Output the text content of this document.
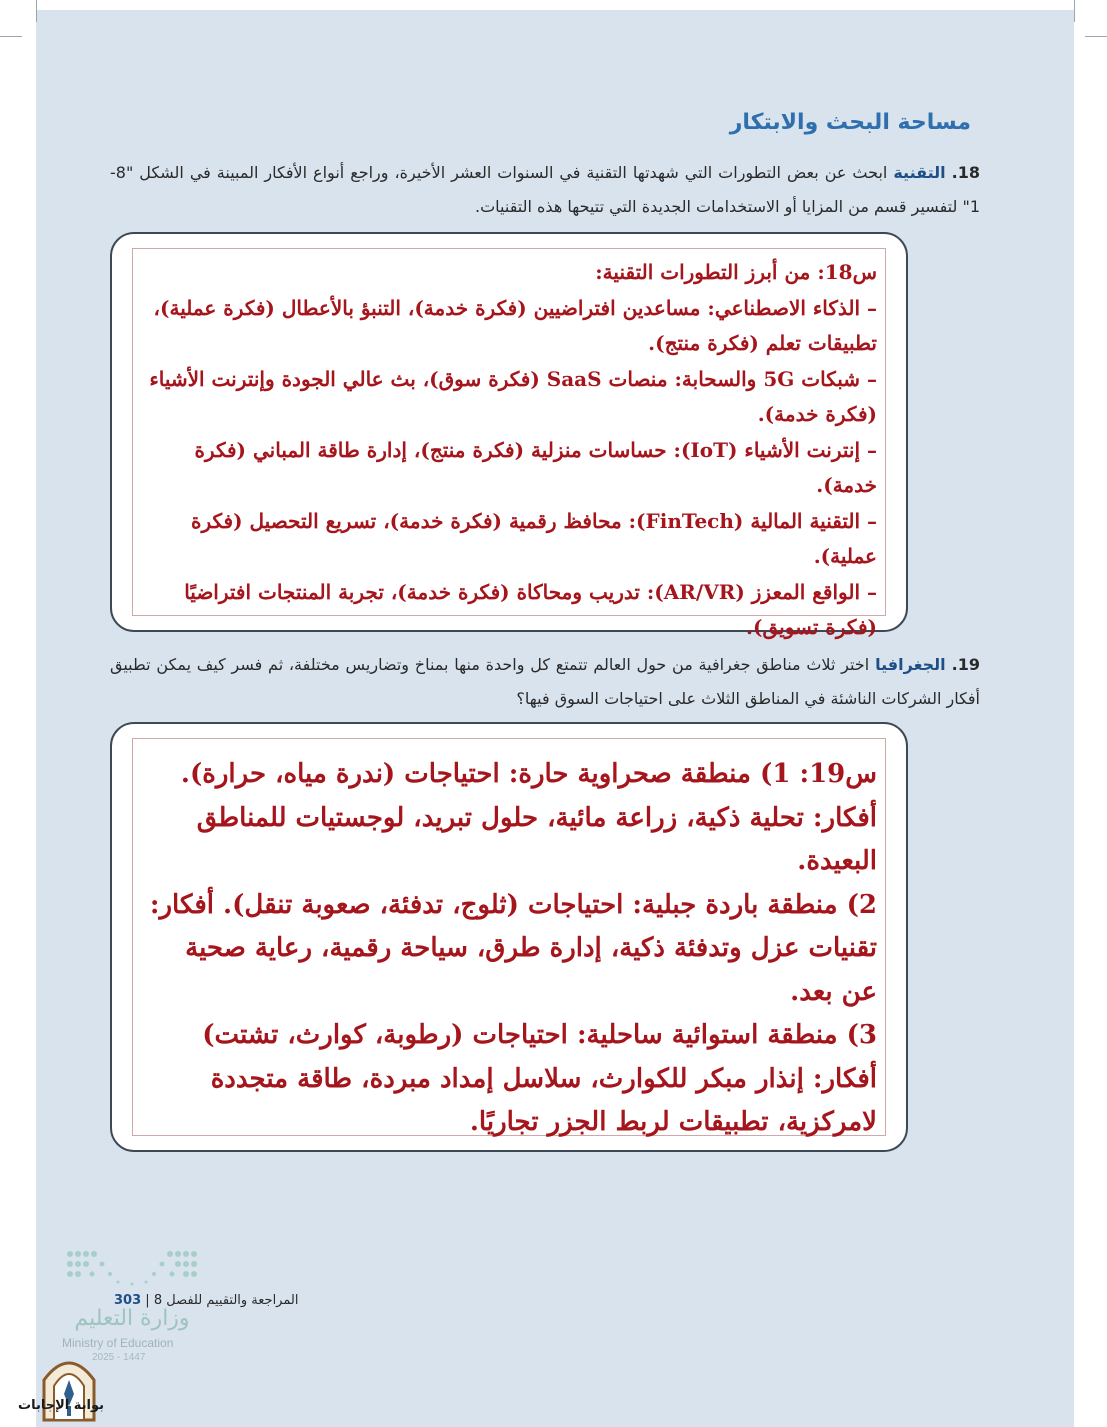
مساحة البحث والابتكار
18.التقنيةابحث عن بعض التطورات التي شهدتها التقنية في السنوات العشر الأخيرة، وراجع أنواع الأفكار المبينة في الشكل "8-1" لتفسير قسم من المزايا أو الاستخدامات الجديدة التي تتيحها هذه التقنيات.
س18: من أبرز التطورات التقنية:
– الذكاء الاصطناعي: مساعدين افتراضيين (فكرة خدمة)، التنبؤ بالأعطال (فكرة عملية)، تطبيقات تعلم (فكرة منتج).
– شبكات 5G والسحابة: منصات SaaS (فكرة سوق)، بث عالي الجودة وإنترنت الأشياء (فكرة خدمة).
– إنترنت الأشياء (IoT): حساسات منزلية (فكرة منتج)، إدارة طاقة المباني (فكرة خدمة).
– التقنية المالية (FinTech): محافظ رقمية (فكرة خدمة)، تسريع التحصيل (فكرة عملية).
– الواقع المعزز (AR/VR): تدريب ومحاكاة (فكرة خدمة)، تجربة المنتجات افتراضيًا (فكرة تسويق).
19.الجغرافيااختر ثلاث مناطق جغرافية من حول العالم تتمتع كل واحدة منها بمناخ وتضاريس مختلفة، ثم فسر كيف يمكن تطبيق أفكار الشركات الناشئة في المناطق الثلاث على احتياجات السوق فيها؟
س19: 1) منطقة صحراوية حارة: احتياجات (ندرة مياه، حرارة). أفكار: تحلية ذكية، زراعة مائية، حلول تبريد، لوجستيات للمناطق البعيدة.
2) منطقة باردة جبلية: احتياجات (ثلوج، تدفئة، صعوبة تنقل). أفكار: تقنيات عزل وتدفئة ذكية، إدارة طرق، سياحة رقمية، رعاية صحية عن بعد.
3) منطقة استوائية ساحلية: احتياجات (رطوبة، كوارث، تشتت) أفكار: إنذار مبكر للكوارث، سلاسل إمداد مبردة، طاقة متجددة لامركزية، تطبيقات لربط الجزر تجاريًا.
وزارة التعليم
Ministry of Education
2025 - 1447
المراجعة والتقييم للفصل 8 | 303
بوابة الإجابات
